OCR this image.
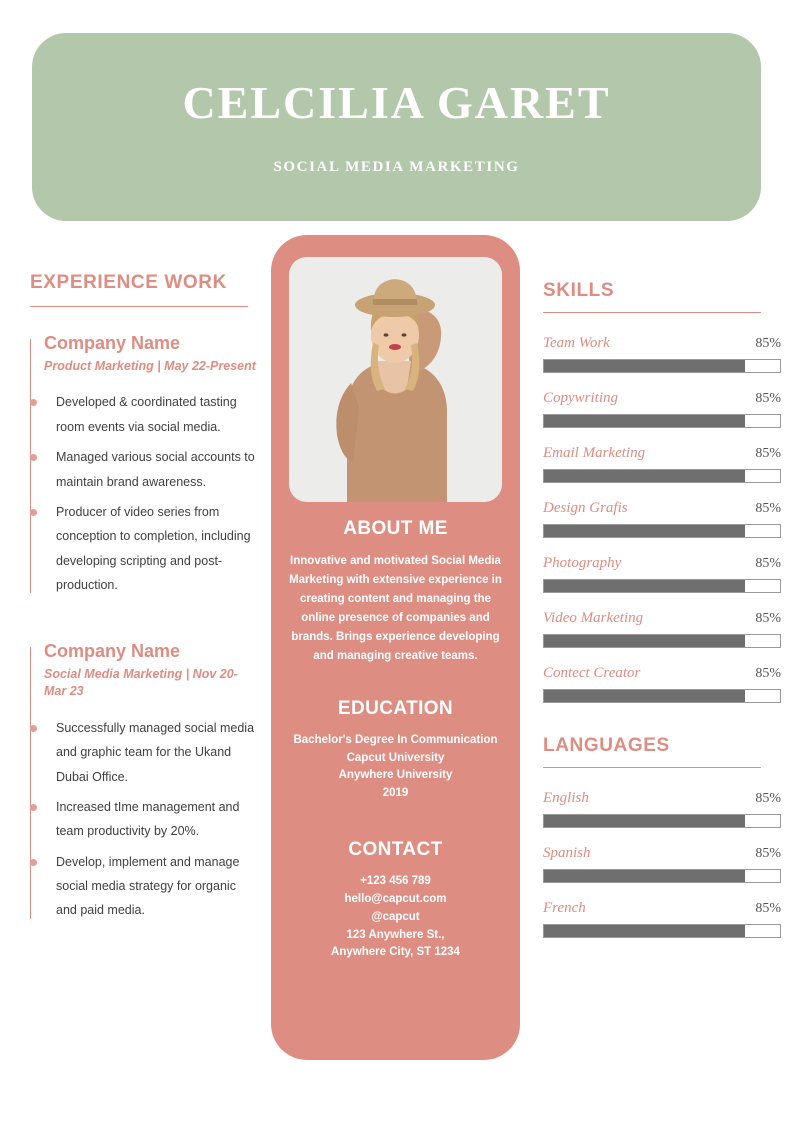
CELCILIA GARET
SOCIAL MEDIA MARKETING
EXPERIENCE WORK
Company Name
Product Marketing | May 22-Present
Developed & coordinated tasting room events via social media.
Managed various social accounts to maintain brand awareness.
Producer of video series from conception to completion, including developing scripting and post-production.
Company Name
Social Media Marketing | Nov 20-Mar 23
Successfully managed social media and graphic team for the Ukand Dubai Office.
Increased tIme management and team productivity by 20%.
Develop, implement and manage social media strategy for organic and paid media.
ABOUT ME

Innovative and motivated Social Media Marketing with extensive experience in creating content and managing the online presence of companies and brands. Brings experience developing and managing creative teams.

EDUCATION

Bachelor's Degree In Communication

Capcut University

Anywhere University

2019

CONTACT

+123 456 789

hello@capcut.com

@capcut

123 Anywhere St.,

Anywhere City, ST 1234

SKILLS
Team Work	85%
Copywriting	85%
Email Marketing	85%
Design Grafis	85%
Photography	85%
Video Marketing	85%
Contect Creator	85%
LANGUAGES
English	85%
Spanish	85%
French	85%
